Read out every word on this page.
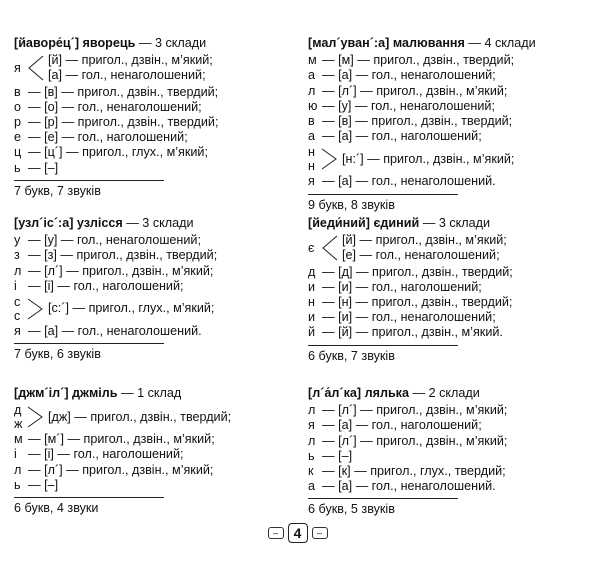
[йаворе́ц´] яворець — 3 склади
я
[й] — пригол., дзвін., м’який;
[а] — гол., ненаголошений;
в — [в] — пригол., дзвін., твердий;
о — [о] — гол., ненаголошений;
р — [р] — пригол., дзвін., твердий;
е — [е] — гол., наголошений;
ц — [ц´] — пригол., глух., м’який;
ь — [–]
7 букв, 7 звуків
[мал´уван´:а] малювання — 4 склади
м — [м] — пригол., дзвін., твердий;
а — [а] — гол., ненаголошений;
л — [л´] — пригол., дзвін., м’який;
ю — [у] — гол., ненаголошений;
в — [в] — пригол., дзвін., твердий;
а — [а] — гол., наголошений;
н
н
[н:´] — пригол., дзвін., м’який;
я — [а] — гол., ненаголошений.
9 букв, 8 звуків
[узл´іс´:а] узлісся — 3 склади
у — [у] — гол., ненаголошений;
з — [з] — пригол., дзвін., твердий;
л — [л´] — пригол., дзвін., м’який;
і — [і] — гол., наголошений;
с
с
[с:´] — пригол., глух., м’який;
я — [а] — гол., ненаголошений.
7 букв, 6 звуків
[йеди́ний] єдиний — 3 склади
є
[й] — пригол., дзвін., м’який;
[е] — гол., ненаголошений;
д — [д] — пригол., дзвін., твердий;
и — [и] — гол., наголошений;
н — [н] — пригол., дзвін., твердий;
и — [и] — гол., ненаголошений;
й — [й] — пригол., дзвін., м’який.
6 букв, 7 звуків
[джм´іл´] джміль — 1 склад
д
ж
[дж] — пригол., дзвін., твердий;
м — [м´] — пригол., дзвін., м’який;
і — [і] — гол., наголошений;
л — [л´] — пригол., дзвін., м’який;
ь — [–]
6 букв, 4 звуки
[л´а́л´ка] лялька — 2 склади
л — [л´] — пригол., дзвін., м’який;
я — [а] — гол., наголошений;
л — [л´] — пригол., дзвін., м’який;
ь — [–]
к — [к] — пригол., глух., твердий;
а — [а] — гол., ненаголошений.
6 букв, 5 звуків
–	4	–
